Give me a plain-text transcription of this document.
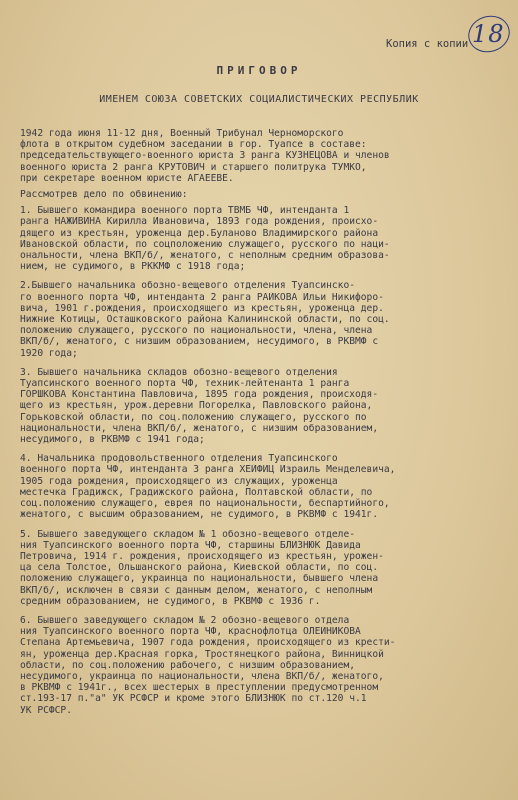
18
Копия с копии
ПРИГОВОР
ИМЕНЕМ СОЮЗА СОВЕТСКИХ СОЦИАЛИСТИЧЕСКИХ РЕСПУБЛИК
1942 года июня 11-12 дня, Военный Трибунал Черноморского
флота в открытом судебном заседании в гор. Туапсе в составе:
председательствующего-военного юриста 3 ранга КУЗНЕЦОВА и членов
военного юриста 2 ранга КРУТОВИЧ и старшего политрука ТУМКО,
при секретаре военном юристе АГАЕЕВЕ.
Рассмотрев дело по обвинению:
1. Бывшего командира военного порта ТВМБ ЧФ, интенданта 1
ранга НАЖИВИНА Кирилла Ивановича, 1893 года рождения, происхо-
дящего из крестьян, уроженца дер.Буланово Владимирского района
Ивановской области, по соцположению служащего, русского по нaци-
ональности, члена ВКП/б/, женатого, с неполным средним образова-
нием, не судимого, в РККМФ с 1918 года;
2.Бывшего начальника обозно-вещевого отделения Туапсинско-
го военного порта ЧФ, интенданта 2 ранга РАЙКОВА Ильи Никифоро-
вича, 1901 г.рождения, происходящего из крестьян, уроженца дер.
Нижние Котицы, Осташковского района Калининской области, по соц.
положению служащего, русского по национальности, члена, члена
ВКП/б/, женатого, с низшим образованием, несудимого, в РКВМФ с
1920 года;
3. Бывшего начальника складов обозно-вещевого отделения
Туапсинского военного порта ЧФ, техник-лейтенанта 1 ранга
ГОРШКОВА Константина Павловича, 1895 года рождения, происходя-
щего из крестьян, урож.деревни Погорелка, Павловского района,
Горьковской области, по соц.положению служащего, русского по
национальности, члена ВКП/б/, женатого, с низшим образованием,
несудимого, в РКВМФ с 1941 года;
4. Начальника продовольственного отделения Туапсинского
военного порта ЧФ, интенданта 3 ранга ХЕЙФИЦ Израиль Менделевича,
1905 года рождения, происходящего из служащих, уроженца
местечка Градижск, Градижского района, Полтавской области, по
соц.положению служащего, еврея по национальности, беспартийного,
женатого, с высшим образованием, не судимого, в РКВМФ с 1941г.
5. Бывшего заведующего складом № 1 обозно-вещевого отделе-
ния Туапсинского военного порта ЧФ, старшины БЛИЗНЮК Давида
Петровича, 1914 г. рождения, происходящего из крестьян, урожен-
ца села Толстое, Ольшанского района, Киевской области, по соц.
положению служащего, украинца по национальности, бывшего члена
ВКП/б/, исключен в связи с данным делом, женатого, с неполным
средним образованием, не судимого, в РКВМФ с 1936 г.
6. Бывшего заведующего складом № 2 обозно-вещевого отдела
ния Туапсинского военного порта ЧФ, краснофлотца ОЛЕЙНИКОВА
Степана Артемьевича, 1907 года рождения, происходящего из крести-
ян, уроженца дер.Красная горка, Тростянецкого района, Винницкой
области, по соц.положению рабочего, с низшим образованием,
несудимого, украинца по национальности, члена ВКП/б/, женатого,
в РКВМФ с 1941г., всех шестерых в преступлении предусмотренном
ст.193-17 п."а" УК РСФСР и кроме этого БЛИЗНЮК по ст.120 ч.1
УК РСФСР.
